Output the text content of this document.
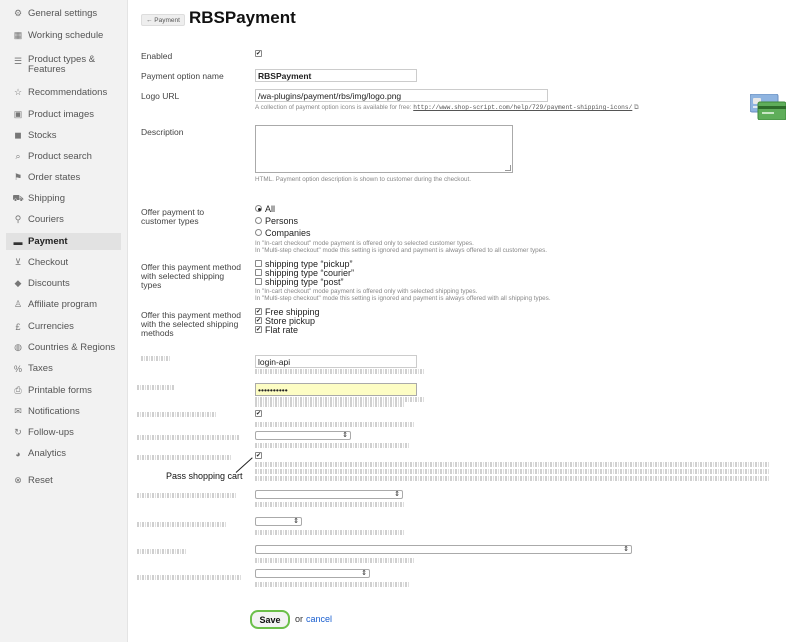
⚙ General settings
▦ Working schedule
☰ Product types & Features
☆ Recommendations
▣ Product images
◼ Stocks
⌕ Product search
⚑ Order states
⛟ Shipping
⚲ Couriers
▬ Payment
⊻ Checkout
◆ Discounts
♙ Affiliate program
£ Currencies
◍ Countries & Regions
% Taxes
⎙ Printable forms
✉ Notifications
↻ Follow-ups
◕ Analytics
⊗ Reset
← Payment RBSPayment
Enabled
✔
Payment option name
RBSPayment
Logo URL
/wa-plugins/payment/rbs/img/logo.png
A collection of payment option icons is available for free: http://www.shop-script.com/help/729/payment-shipping-icons/ ⧉
Description
HTML. Payment option description is shown to customer during the checkout.
Offer payment to customer types
All
Persons
Companies
In "In-cart checkout" mode payment is offered only to selected customer types.
In "Multi-step checkout" mode this setting is ignored and payment is always offered to all customer types.
Offer this payment method with selected shipping types
shipping type “pickup”
shipping type “courier”
shipping type “post”
In "In-cart checkout" mode payment is offered only with selected shipping types.
In "Multi-step checkout" mode this setting is ignored and payment is always offered with all shipping types.
Offer this payment method with the selected shipping methods
✔
Free shipping
✔
Store pickup
✔
Flat rate
login-api
••••••••••
✔
⇕
✔
Pass shopping cart
⇕
⇕
⇕
⇕
Save	or cancel
